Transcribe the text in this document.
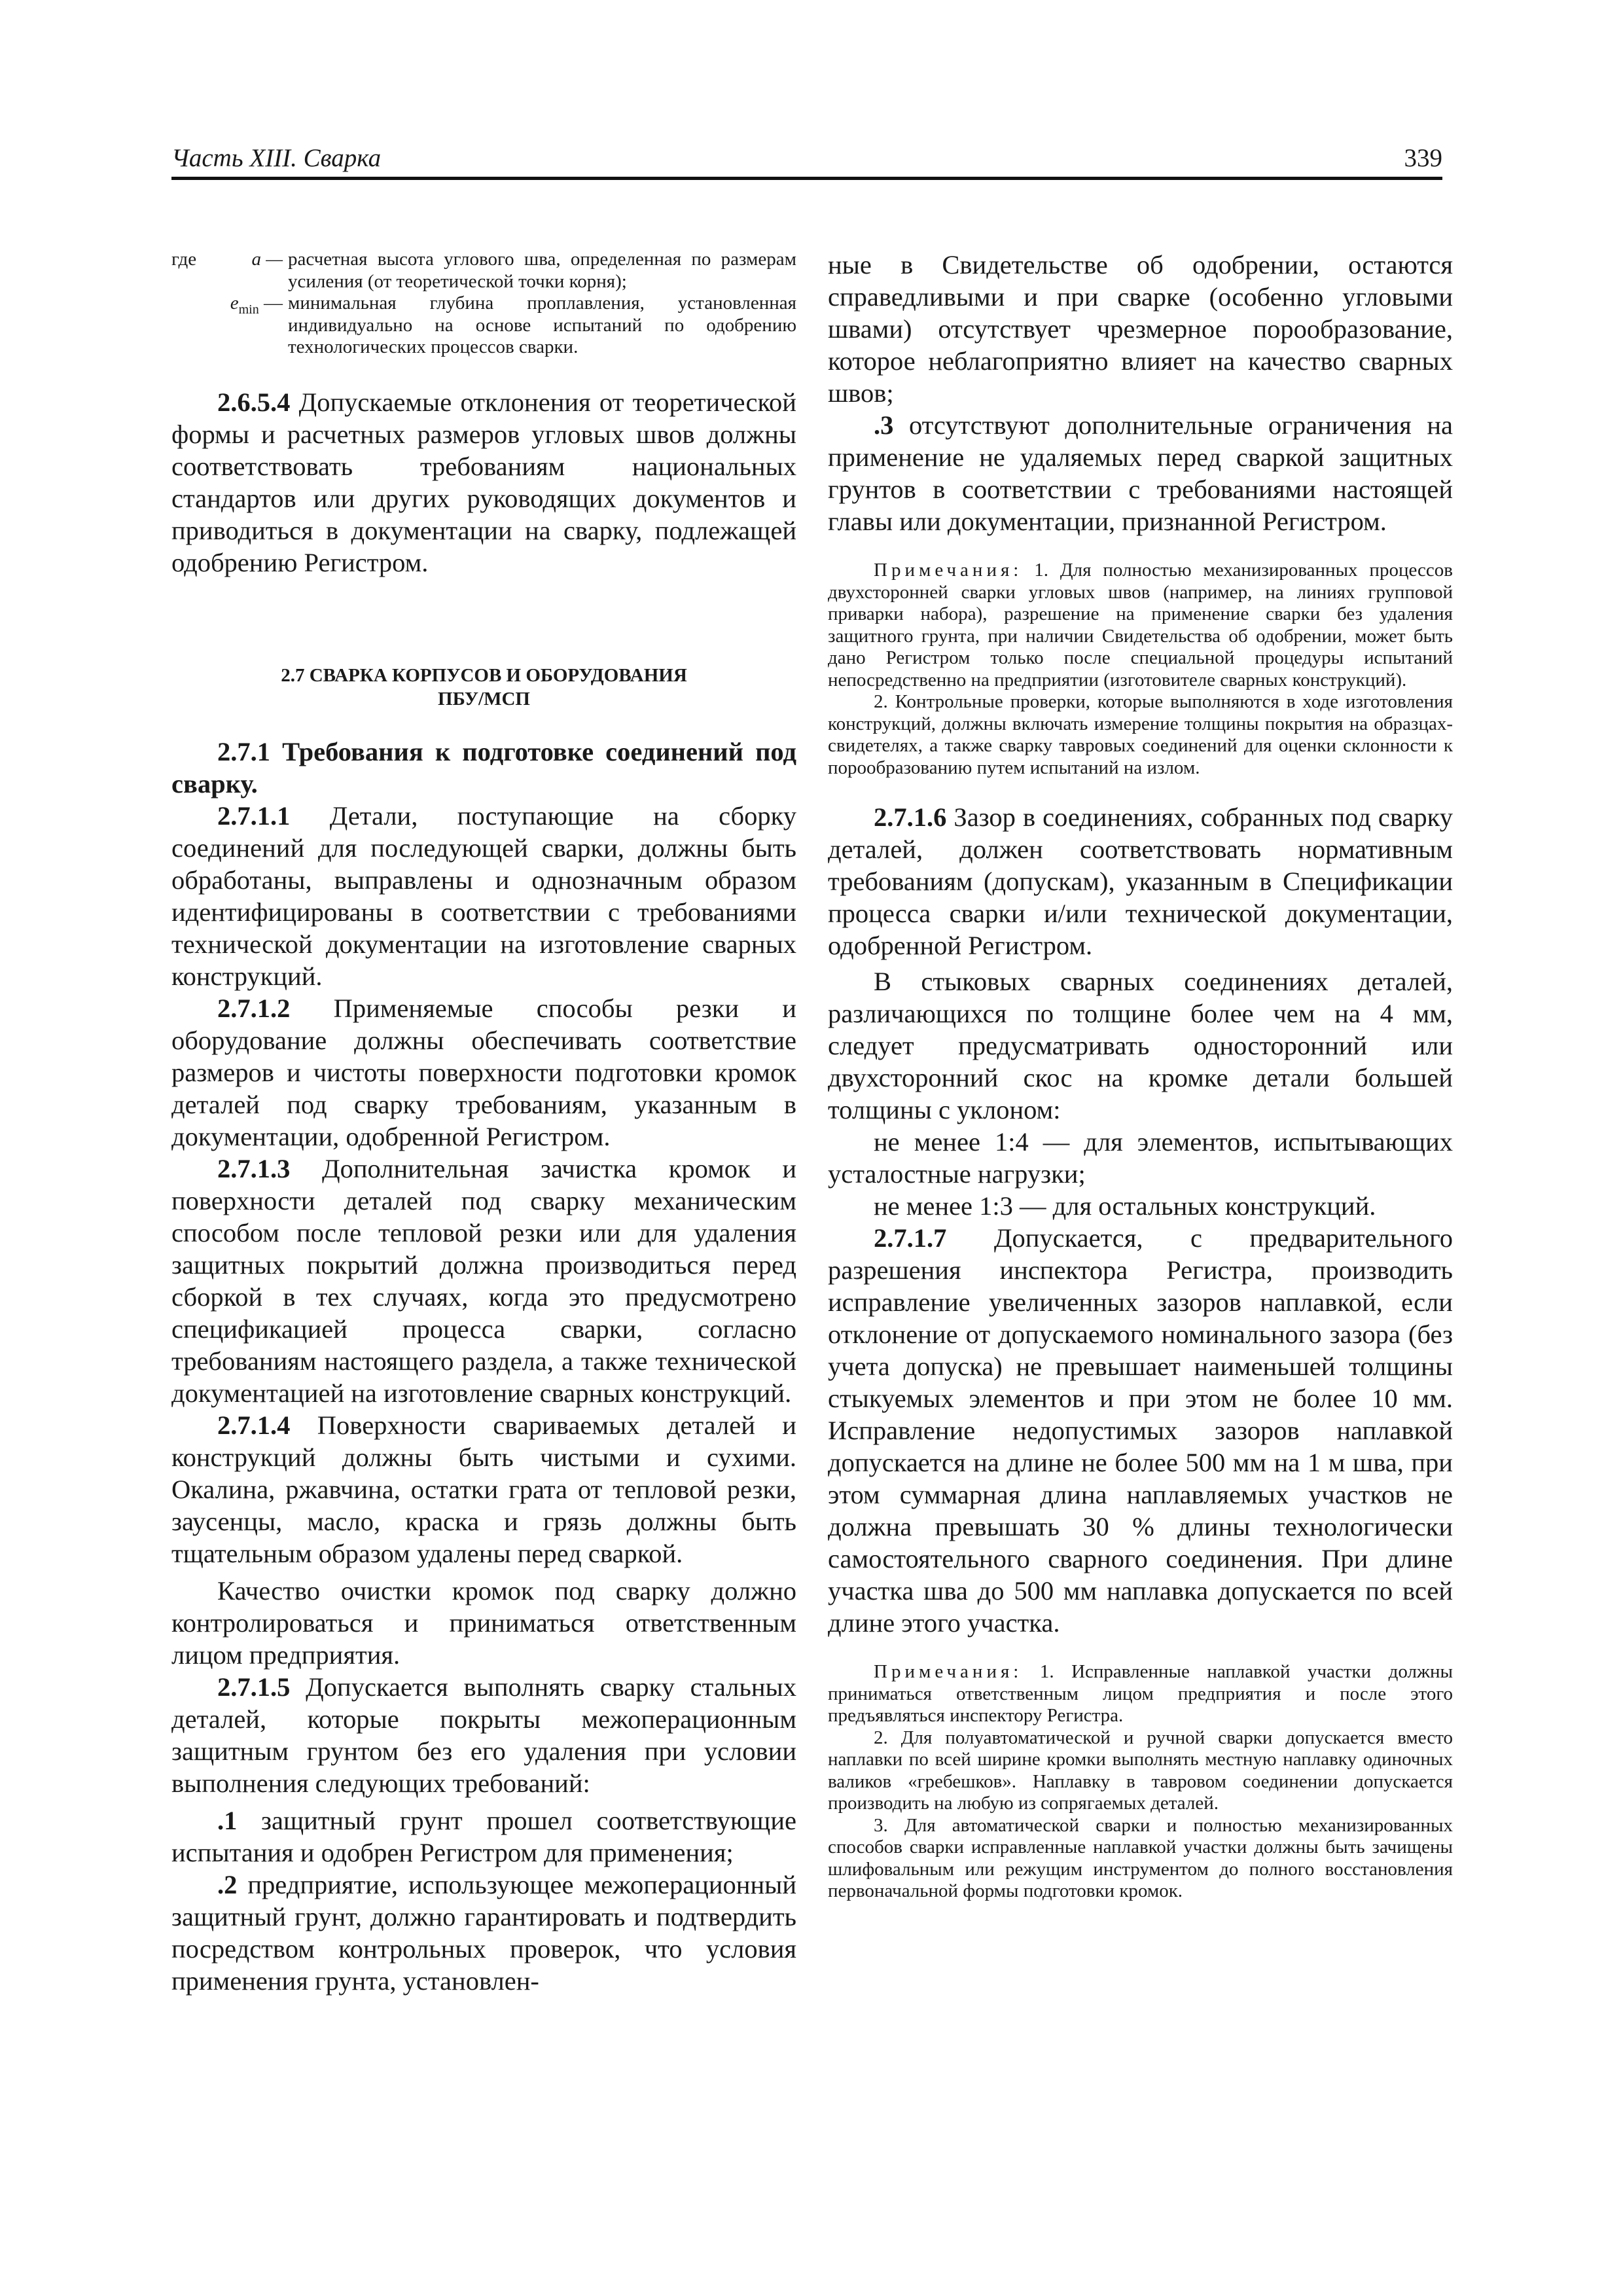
Часть XIII. Сварка	339
где	a — расчетная высота углового шва, определенная по размерам усиления (от теоретической точки корня);
$e_{min}$ — минимальная глубина проплавления, установленная индивидуально на основе испытаний по одобрению технологических процессов сварки.

2.6.5.4 Допускаемые отклонения от теоретической формы и расчетных размеров угловых швов должны соответствовать требованиям национальных стандартов или других руководящих документов и приводиться в документации на сварку, подлежащей одобрению Регистром.

2.7 СВАРКА КОРПУСОВ И ОБОРУДОВАНИЯ
ПБУ/МСП

2.7.1 Требования к подготовке соединений под сварку.

2.7.1.1 Детали, поступающие на сборку соединений для последующей сварки, должны быть обработаны, выправлены и однозначным образом идентифицированы в соответствии с требованиями технической документации на изготовление сварных конструкций.

2.7.1.2 Применяемые способы резки и оборудование должны обеспечивать соответствие размеров и чистоты поверхности подготовки кромок деталей под сварку требованиям, указанным в документации, одобренной Регистром.

2.7.1.3 Дополнительная зачистка кромок и поверхности деталей под сварку механическим способом после тепловой резки или для удаления защитных покрытий должна производиться перед сборкой в тех случаях, когда это предусмотрено спецификацией процесса сварки, согласно требованиям настоящего раздела, а также технической документацией на изготовление сварных конструкций.

2.7.1.4 Поверхности свариваемых деталей и конструкций должны быть чистыми и сухими. Окалина, ржавчина, остатки грата от тепловой резки, заусенцы, масло, краска и грязь должны быть тщательным образом удалены перед сваркой.

Качество очистки кромок под сварку должно контролироваться и приниматься ответственным лицом предприятия.

2.7.1.5 Допускается выполнять сварку стальных деталей, которые покрыты межоперационным защитным грунтом без его удаления при условии выполнения следующих требований:

.1 защитный грунт прошел соответствующие испытания и одобрен Регистром для применения;

.2 предприятие, использующее межоперационный защитный грунт, должно гарантировать и подтвердить посредством контрольных проверок, что условия применения грунта, установлен-

ные в Свидетельстве об одобрении, остаются справедливыми и при сварке (особенно угловыми швами) отсутствует чрезмерное порообразование, которое неблагоприятно влияет на качество сварных швов;

.3 отсутствуют дополнительные ограничения на применение не удаляемых перед сваркой защитных грунтов в соответствии с требованиями настоящей главы или документации, признанной Регистром.

Примечания: 1. Для полностью механизированных процессов двухсторонней сварки угловых швов (например, на линиях групповой приварки набора), разрешение на применение сварки без удаления защитного грунта, при наличии Свидетельства об одобрении, может быть дано Регистром только после специальной процедуры испытаний непосредственно на предприятии (изготовителе сварных конструкций).

2. Контрольные проверки, которые выполняются в ходе изготовления конструкций, должны включать измерение толщины покрытия на образцах-свидетелях, а также сварку тавровых соединений для оценки склонности к порообразованию путем испытаний на излом.

2.7.1.6 Зазор в соединениях, собранных под сварку деталей, должен соответствовать нормативным требованиям (допускам), указанным в Спецификации процесса сварки и/или технической документации, одобренной Регистром.

В стыковых сварных соединениях деталей, различающихся по толщине более чем на 4 мм, следует предусматривать односторонний или двухсторонний скос на кромке детали большей толщины с уклоном:

не менее 1:4 — для элементов, испытывающих усталостные нагрузки;

не менее 1:3 — для остальных конструкций.

2.7.1.7 Допускается, с предварительного разрешения инспектора Регистра, производить исправление увеличенных зазоров наплавкой, если отклонение от допускаемого номинального зазора (без учета допуска) не превышает наименьшей толщины стыкуемых элементов и при этом не более 10 мм. Исправление недопустимых зазоров наплавкой допускается на длине не более 500 мм на 1 м шва, при этом суммарная длина наплавляемых участков не должна превышать 30 % длины технологически самостоятельного сварного соединения. При длине участка шва до 500 мм наплавка допускается по всей длине этого участка.

Примечания: 1. Исправленные наплавкой участки должны приниматься ответственным лицом предприятия и после этого предъявляться инспектору Регистра.

2. Для полуавтоматической и ручной сварки допускается вместо наплавки по всей ширине кромки выполнять местную наплавку одиночных валиков «гребешков». Наплавку в тавровом соединении допускается производить на любую из сопрягаемых деталей.

3. Для автоматической сварки и полностью механизированных способов сварки исправленные наплавкой участки должны быть зачищены шлифовальным или режущим инструментом до полного восстановления первоначальной формы подготовки кромок.
